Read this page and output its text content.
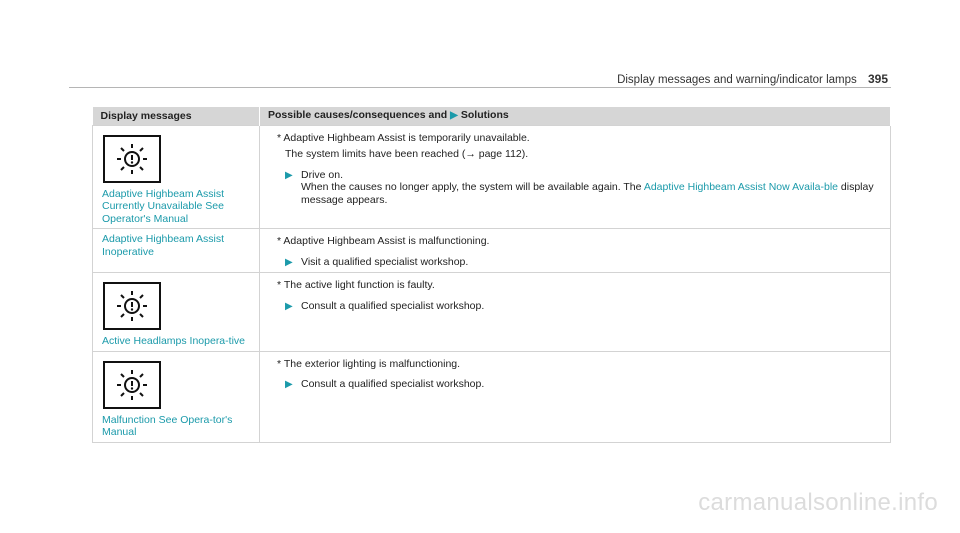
Display messages and warning/indicator lamps 395
Display messages	Possible causes/consequences and ▶ Solutions

Adaptive Highbeam Assist Currently Unavailable See Operator's Manual	* Adaptive Highbeam Assist is temporarily unavailable.
The system limits have been reached (→ page 112).
▶ Drive on.
When the causes no longer apply, the system will be available again. The Adaptive Highbeam Assist Now Availa-ble display message appears.

Adaptive Highbeam Assist Inoperative	* Adaptive Highbeam Assist is malfunctioning.
▶ Visit a qualified specialist workshop.

Active Headlamps Inopera-tive	* The active light function is faulty.
▶ Consult a qualified specialist workshop.

Malfunction See Opera-tor's Manual	* The exterior lighting is malfunctioning.
▶ Consult a qualified specialist workshop.
carmanualsonline.info
